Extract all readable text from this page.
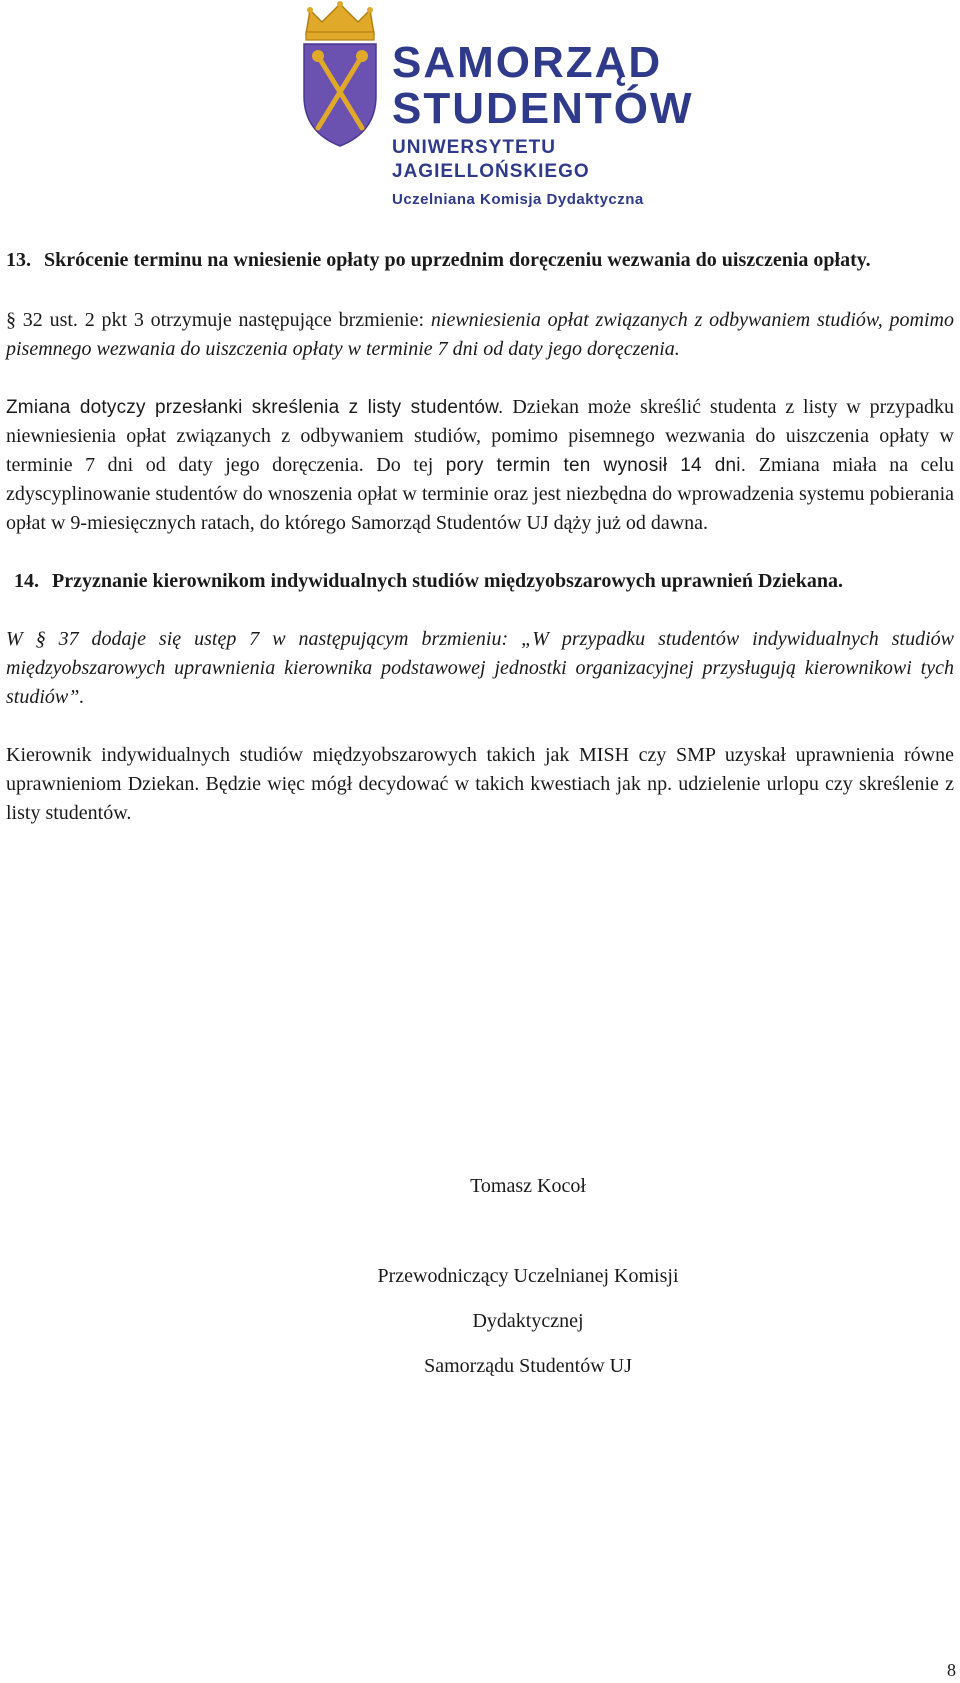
SAMORZĄD
STUDENTÓW
UNIWERSYTETU JAGIELLOŃSKIEGO
Uczelniana Komisja Dydaktyczna

13. Skrócenie terminu na wniesienie opłaty po uprzednim doręczeniu wezwania do uiszczenia opłaty.

§ 32 ust. 2 pkt 3 otrzymuje następujące brzmienie: niewniesienia opłat związanych z odbywaniem studiów, pomimo pisemnego wezwania do uiszczenia opłaty w terminie 7 dni od daty jego doręczenia.

Zmiana dotyczy przesłanki skreślenia z listy studentów. Dziekan może skreślić studenta z listy w przypadku niewniesienia opłat związanych z odbywaniem studiów, pomimo pisemnego wezwania do uiszczenia opłaty w terminie 7 dni od daty jego doręczenia. Do tej pory termin ten wynosił 14 dni. Zmiana miała na celu zdyscyplinowanie studentów do wnoszenia opłat w terminie oraz jest niezbędna do wprowadzenia systemu pobierania opłat w 9-miesięcznych ratach, do którego Samorząd Studentów UJ dąży już od dawna.

14. Przyznanie kierownikom indywidualnych studiów międzyobszarowych uprawnień Dziekana.

W § 37 dodaje się ustęp 7 w następującym brzmieniu: „W przypadku studentów indywidualnych studiów międzyobszarowych uprawnienia kierownika podstawowej jednostki organizacyjnej przysługują kierownikowi tych studiów”.

Kierownik indywidualnych studiów międzyobszarowych takich jak MISH czy SMP uzyskał uprawnienia równe uprawnieniom Dziekan. Będzie więc mógł decydować w takich kwestiach jak np. udzielenie urlopu czy skreślenie z listy studentów.

Tomasz Kocoł

Przewodniczący Uczelnianej Komisji

Dydaktycznej

Samorządu Studentów UJ

8
